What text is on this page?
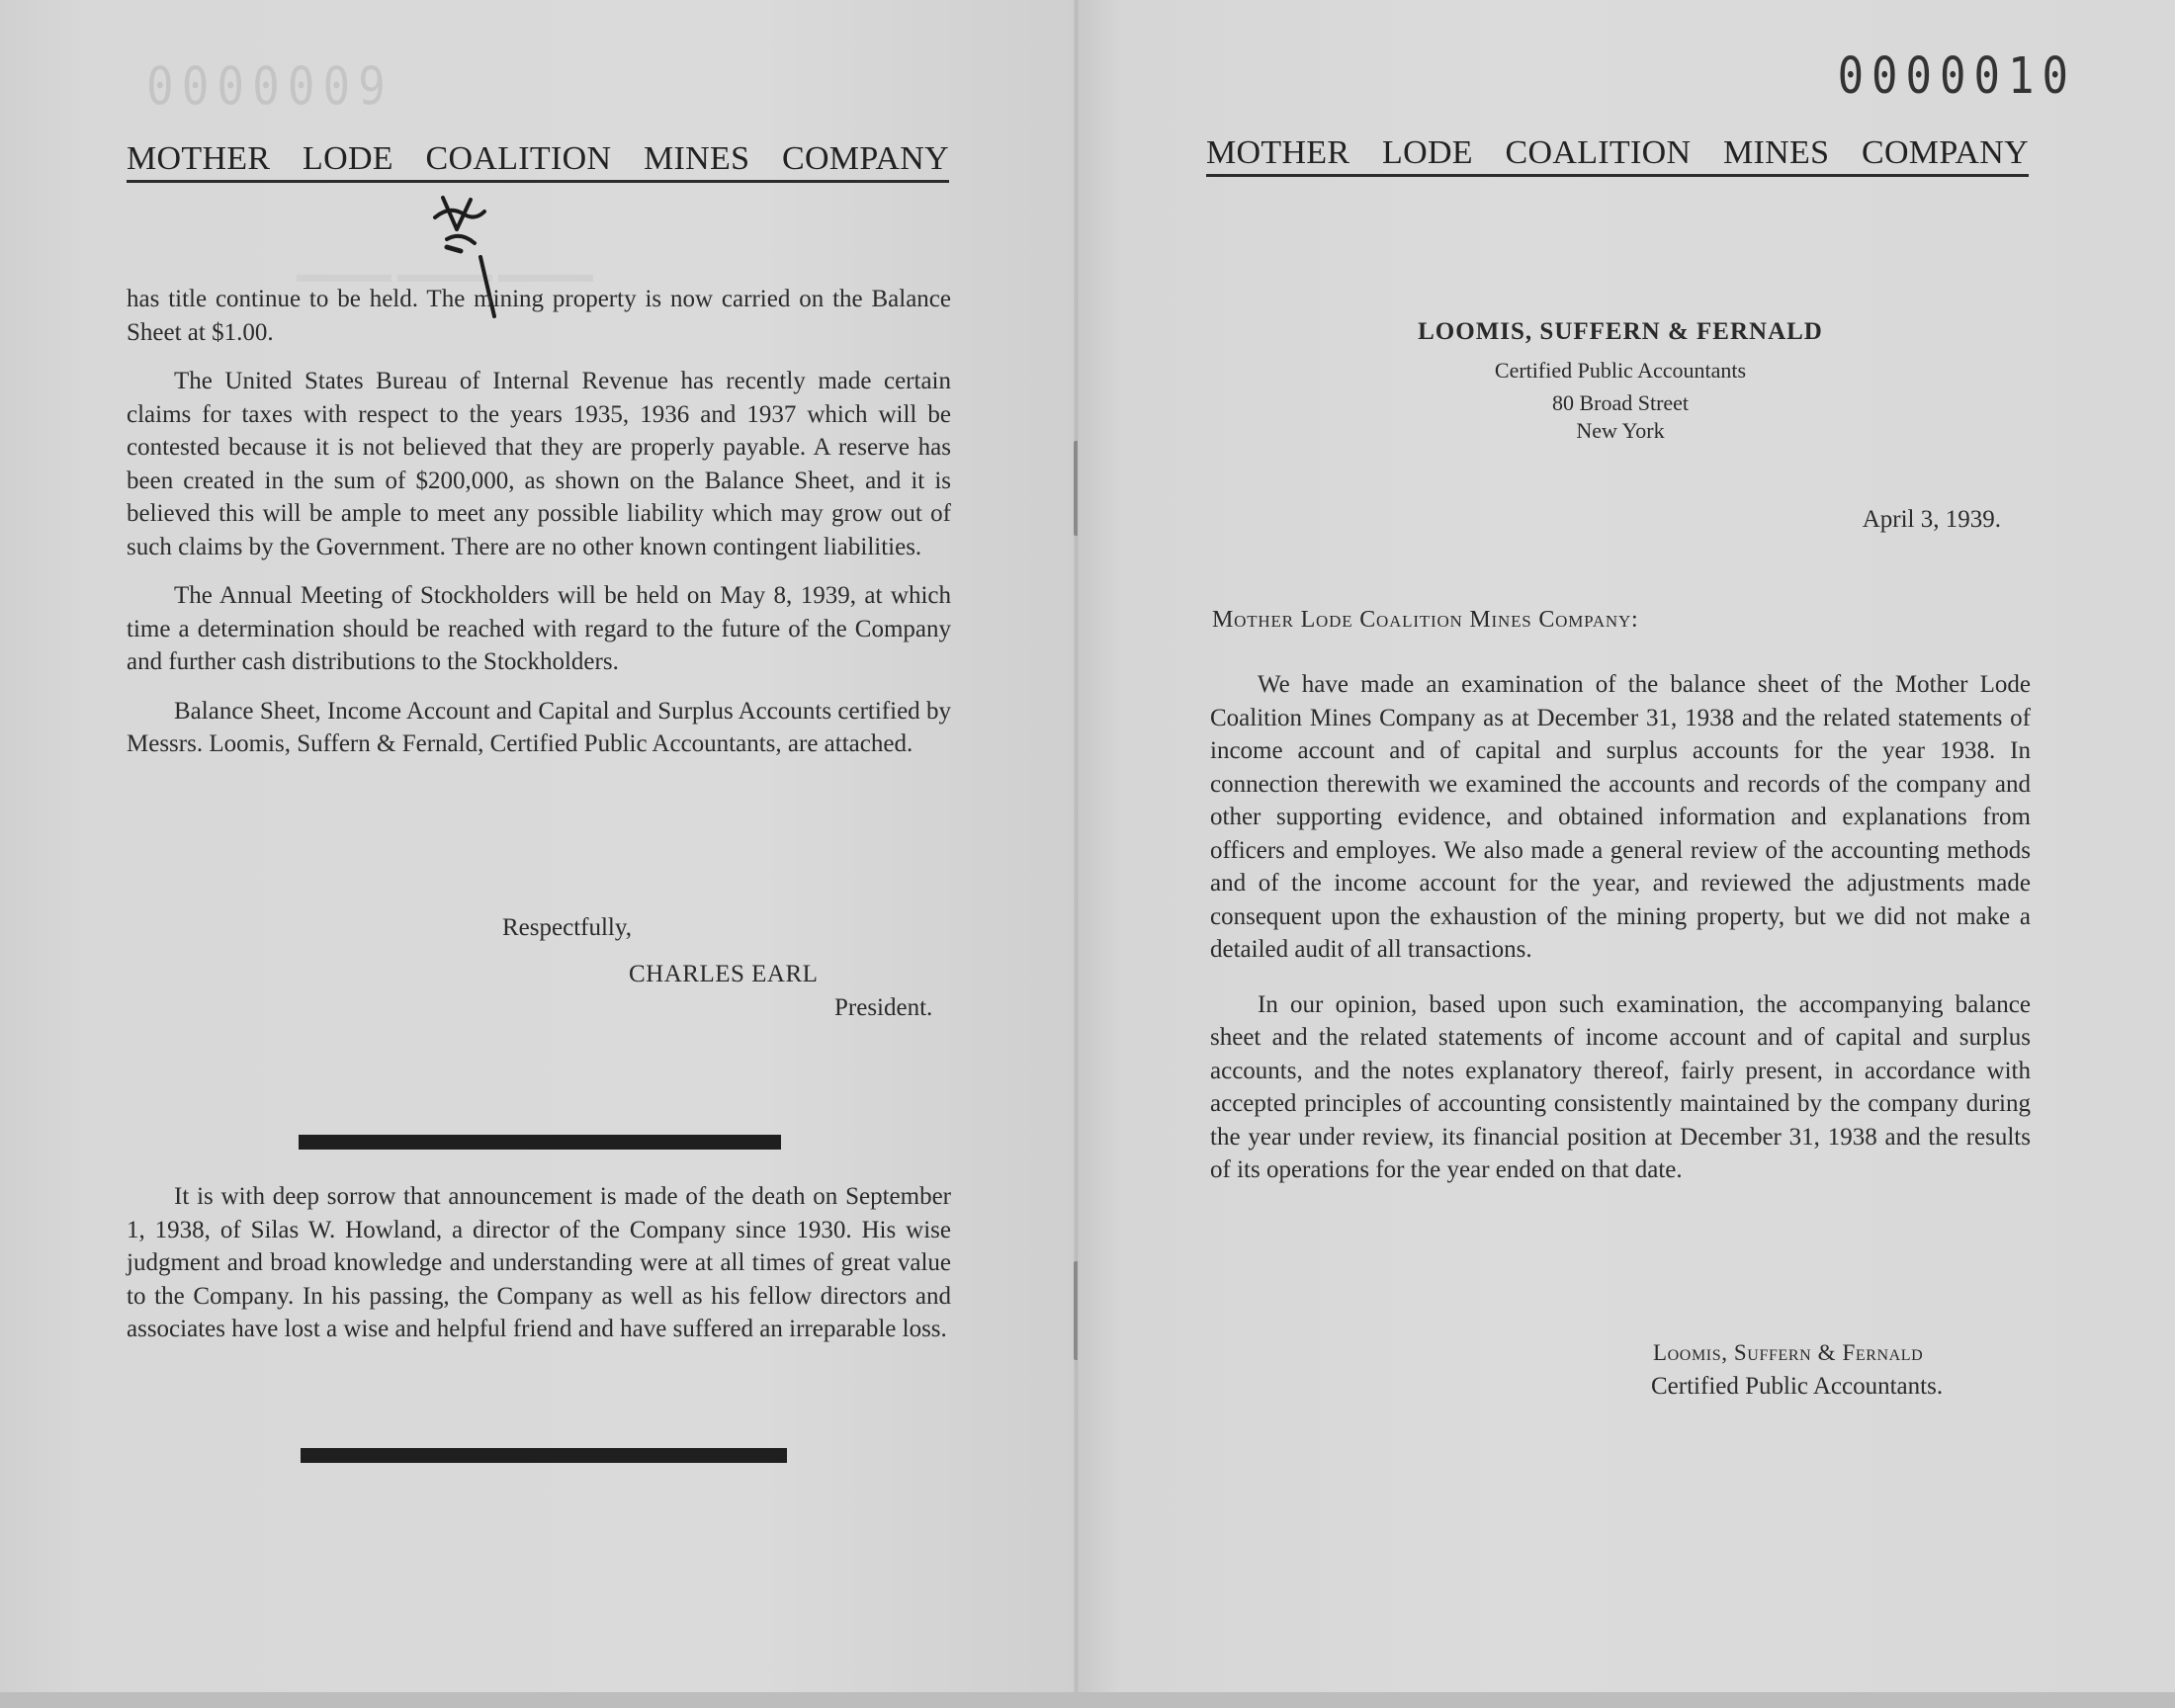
0000009
▬▬▬▬ ▬▬▬▬ ▬▬▬▬
MOTHER LODE COALITION MINES COMPANY

has title continue to be held. The mining property is now carried on the Balance Sheet at $1.00.

The United States Bureau of Internal Revenue has recently made certain claims for taxes with respect to the years 1935, 1936 and 1937 which will be contested because it is not believed that they are properly payable. A reserve has been created in the sum of $200,000, as shown on the Balance Sheet, and it is believed this will be ample to meet any possible liability which may grow out of such claims by the Government. There are no other known contingent liabilities.

The Annual Meeting of Stockholders will be held on May 8, 1939, at which time a determination should be reached with regard to the future of the Company and further cash distributions to the Stockholders.

Balance Sheet, Income Account and Capital and Surplus Accounts certified by Messrs. Loomis, Suffern & Fernald, Certified Public Accountants, are attached.

Respectfully,
CHARLES EARL
President.

It is with deep sorrow that announcement is made of the death on September 1, 1938, of Silas W. Howland, a director of the Company since 1930. His wise judgment and broad knowledge and understanding were at all times of great value to the Company. In his passing, the Company as well as his fellow directors and associates have lost a wise and helpful friend and have suffered an irreparable loss.

0000010
MOTHER LODE COALITION MINES COMPANY
LOOMIS, SUFFERN & FERNALD
Certified Public Accountants
80 Broad Street
New York
April 3, 1939.
Mother Lode Coalition Mines Company:

We have made an examination of the balance sheet of the Mother Lode Coalition Mines Company as at December 31, 1938 and the related statements of income account and of capital and surplus accounts for the year 1938. In connection therewith we examined the accounts and records of the company and other supporting evidence, and obtained information and explanations from officers and employes. We also made a general review of the accounting methods and of the income account for the year, and reviewed the adjustments made consequent upon the exhaustion of the mining property, but we did not make a detailed audit of all transactions.

In our opinion, based upon such examination, the accompanying balance sheet and the related statements of income account and of capital and surplus accounts, and the notes explanatory thereof, fairly present, in accordance with accepted principles of accounting consistently maintained by the company during the year under review, its financial position at December 31, 1938 and the results of its operations for the year ended on that date.

Loomis, Suffern & Fernald
Certified Public Accountants.
